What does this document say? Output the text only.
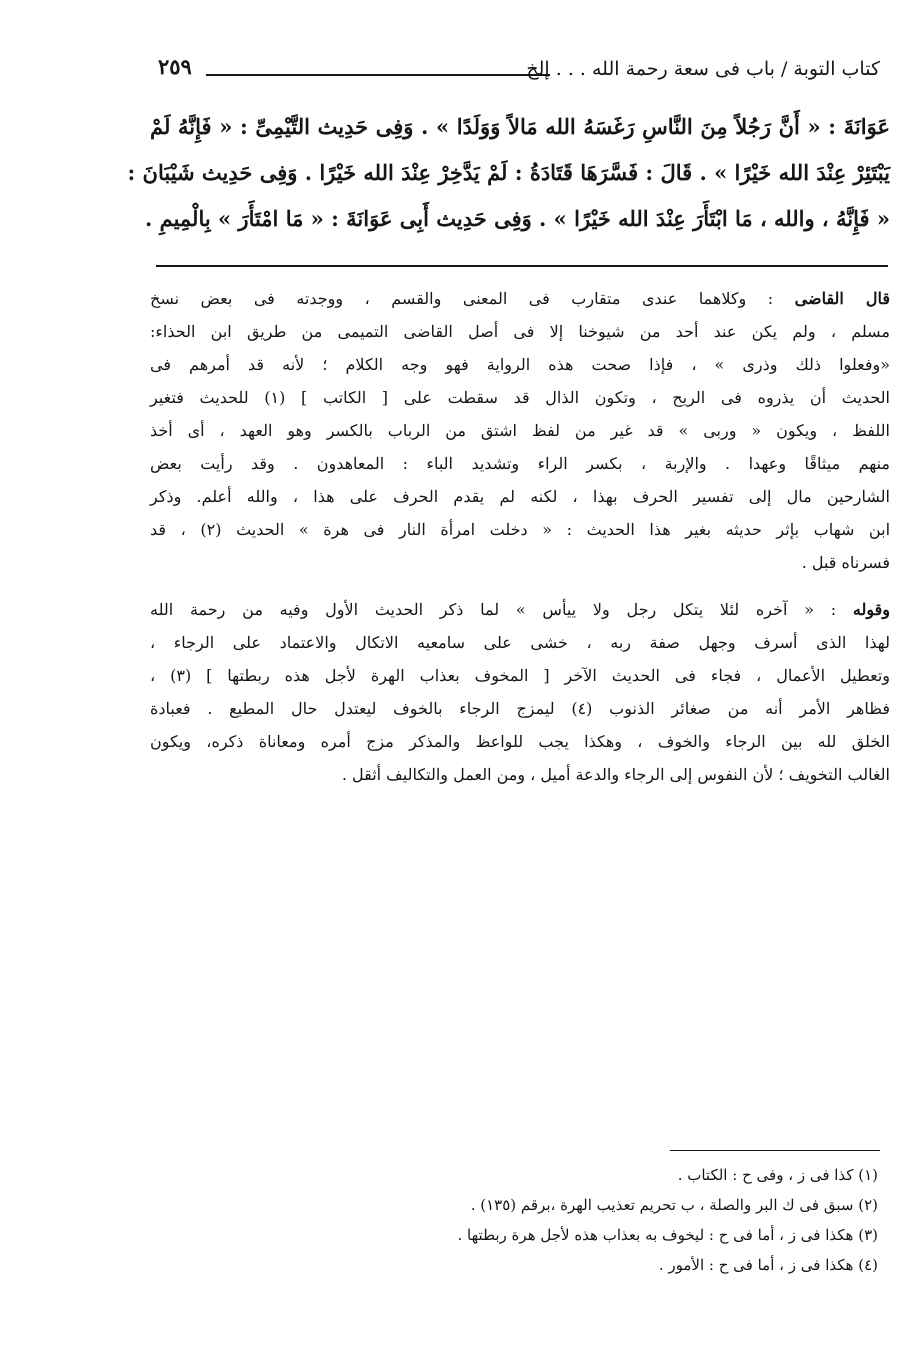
كتاب التوبة / باب فى سعة رحمة الله . . . إلخ
٢٥٩
عَوَانَةَ : « أَنَّ رَجُلاً مِنَ النَّاسِ رَغَسَهُ الله مَالاً وَوَلَدًا » . وَفِى حَدِيث التَّيْمِىِّ : « فَإِنَّهُ لَمْ
يَبْتَئِرْ عِنْدَ الله خَيْرًا » . قَالَ : فَسَّرَهَا قَتَادَةُ : لَمْ يَدَّخِرْ عِنْدَ الله خَيْرًا . وَفِى حَدِيث شَيْبَانَ :
« فَإِنَّهُ ، والله ، مَا ابْتَأَرَ عِنْدَ الله خَيْرًا » . وَفِى حَدِيث أَبِى عَوَانَةَ : « مَا امْتَأَرَ » بِالْمِيمِ .
قال القاضى : وكلاهما عندى متقارب فى المعنى والقسم ، ووجدته فى بعض نسخ
مسلم ، ولم يكن عند أحد من شيوخنا إلا فى أصل القاضى التميمى من طريق ابن الحذاء:
«وفعلوا ذلك وذرى » ، فإذا صحت هذه الرواية فهو وجه الكلام ؛ لأنه قد أمرهم فى
الحديث أن يذروه فى الريح ، وتكون الذال قد سقطت على [ الكاتب ] (١) للحديث فتغير
اللفظ ، ويكون « وربى » قد غير من لفظ اشتق من الرباب بالكسر وهو العهد ، أى أخذ
منهم ميثاقًا وعهدا . والإربة ، بكسر الراء وتشديد الباء : المعاهدون . وقد رأيت بعض
الشارحين مال إلى تفسير الحرف بهذا ، لكنه لم يقدم الحرف على هذا ، والله أعلم. وذكر
ابن شهاب بإثر حديثه بغير هذا الحديث : « دخلت امرأة النار فى هرة » الحديث (٢) ، قد
فسرناه قبل .
وقوله : « آخره لئلا يتكل رجل ولا ييأس » لما ذكر الحديث الأول وفيه من رحمة الله
لهذا الذى أسرف وجهل صفة ربه ، خشى على سامعيه الاتكال والاعتماد على الرجاء ،
وتعطيل الأعمال ، فجاء فى الحديث الآخر [ المخوف بعذاب الهرة لأجل هذه ربطتها ] (٣) ،
فظاهر الأمر أنه من صغائر الذنوب (٤) ليمزج الرجاء بالخوف ليعتدل حال المطيع . فعبادة
الخلق لله بين الرجاء والخوف ، وهكذا يجب للواعظ والمذكر مزج أمره ومعاناة ذكره، ويكون
الغالب التخويف ؛ لأن النفوس إلى الرجاء والدعة أميل ، ومن العمل والتكاليف أثقل .
(١) كذا فى ز ، وفى ح : الكتاب .
(٢) سبق فى ك البر والصلة ، ب تحريم تعذيب الهرة ،برقم (١٣٥) .
(٣) هكذا فى ز ، أما فى ح : ليخوف به بعذاب هذه لأجل هرة ربطتها .
(٤) هكذا فى ز ، أما فى ح : الأمور .
